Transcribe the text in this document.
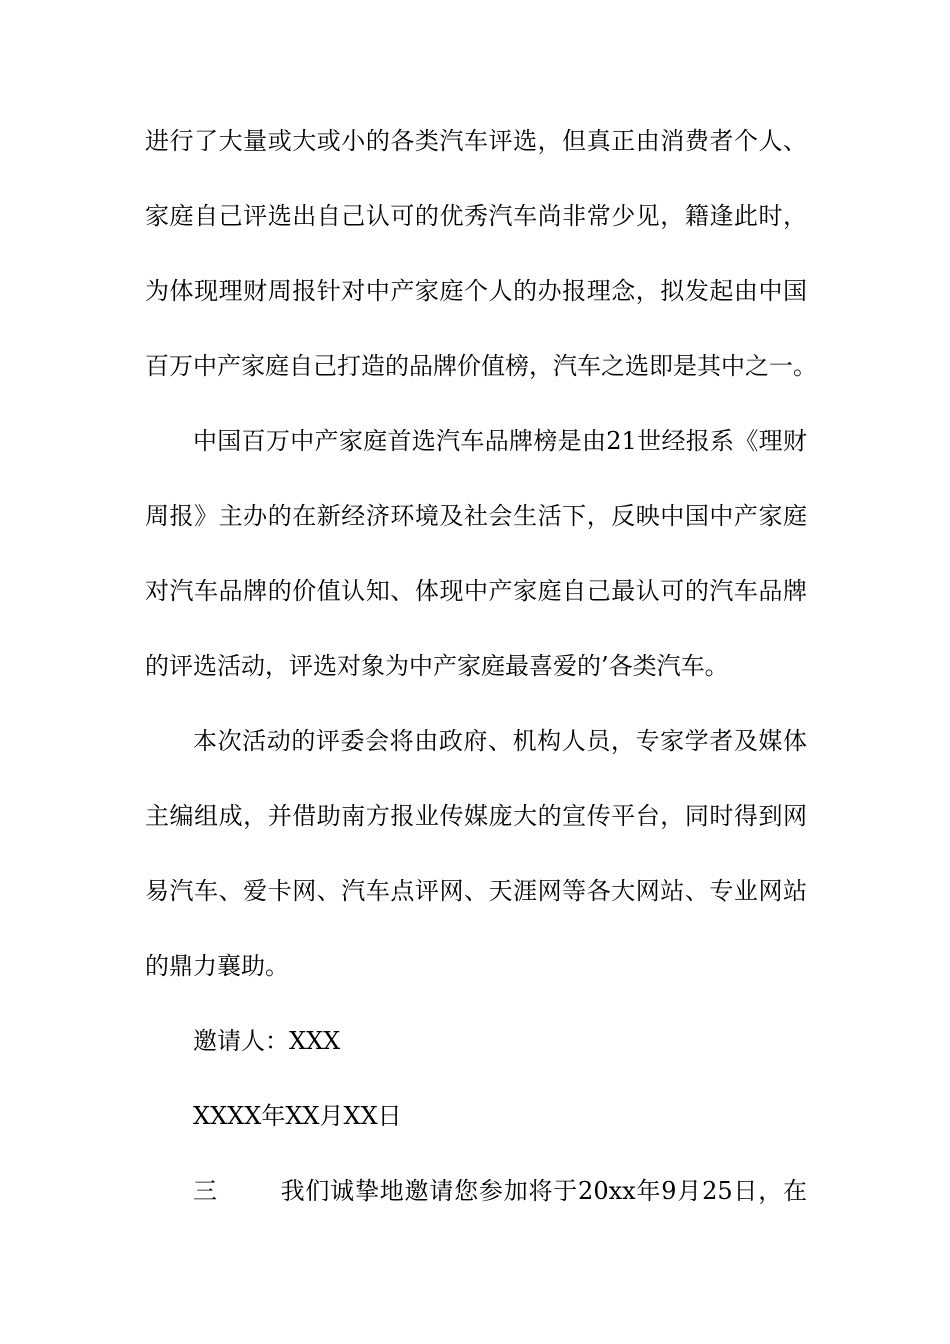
进行了大量或大或小的各类汽车评选，但真正由消费者个人、
家庭自己评选出自己认可的优秀汽车尚非常少见，籍逢此时，
为体现理财周报针对中产家庭个人的办报理念，拟发起由中国
百万中产家庭自己打造的品牌价值榜，汽车之选即是其中之一。
中国百万中产家庭首选汽车品牌榜是由21世经报系《理财
周报》主办的在新经济环境及社会生活下，反映中国中产家庭
对汽车品牌的价值认知、体现中产家庭自己最认可的汽车品牌
的评选活动，评选对象为中产家庭最喜爱的’各类汽车。
本次活动的评委会将由政府、机构人员，专家学者及媒体
主编组成，并借助南方报业传媒庞大的宣传平台，同时得到网
易汽车、爱卡网、汽车点评网、天涯网等各大网站、专业网站
的鼎力襄助。
邀请人：XXX
XXXX年XX月XX日
三	我们诚挚地邀请您参加将于20xx年9月25日，在
